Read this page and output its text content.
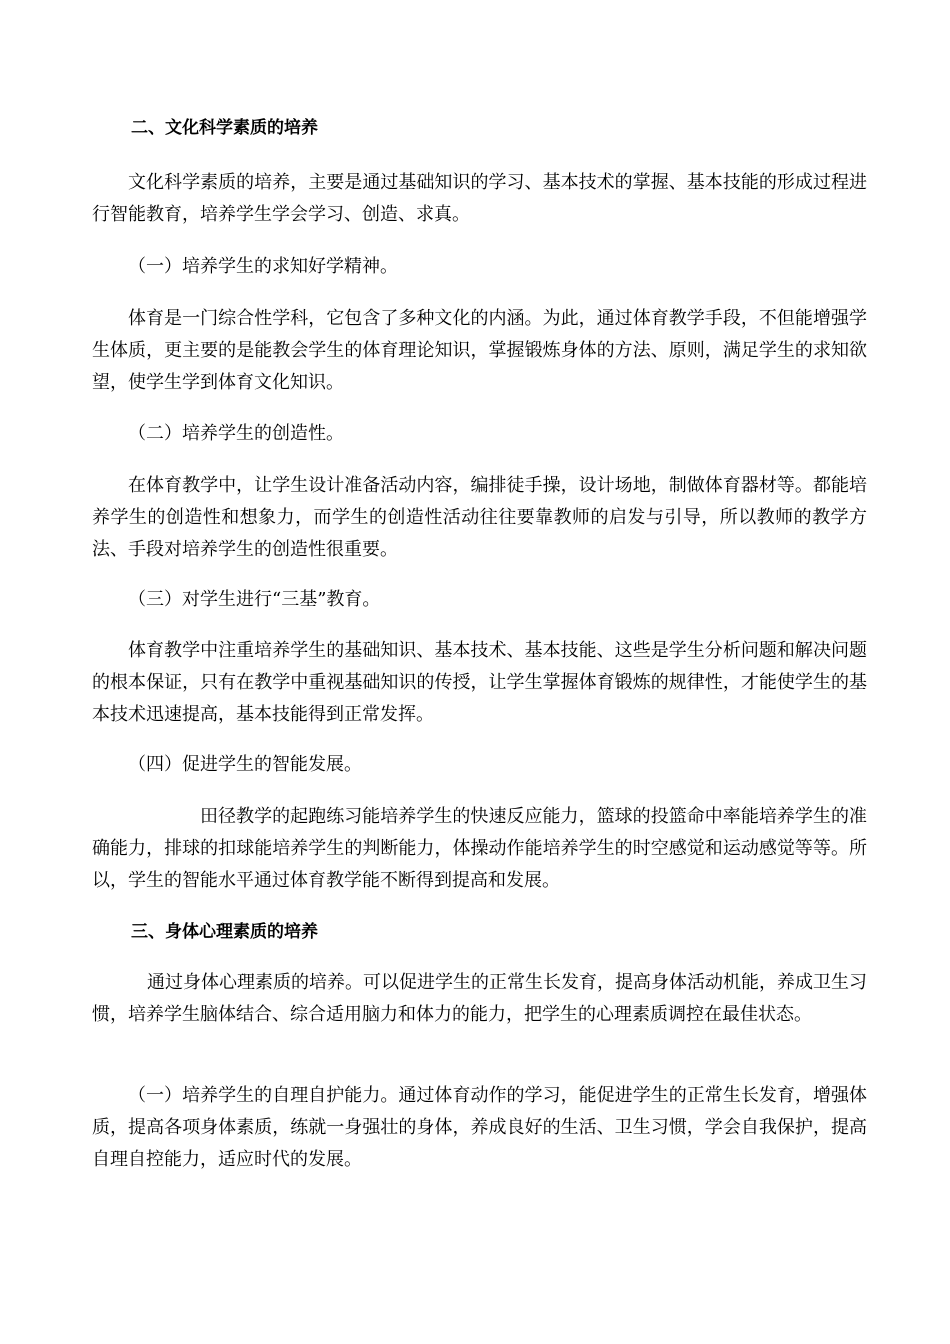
二、文化科学素质的培养

文化科学素质的培养，主要是通过基础知识的学习、基本技术的掌握、基本技能的形成过程进行智能教育，培养学生学会学习、创造、求真。

（一）培养学生的求知好学精神。

体育是一门综合性学科，它包含了多种文化的内涵。为此，通过体育教学手段，不但能增强学生体质，更主要的是能教会学生的体育理论知识，掌握锻炼身体的方法、原则，满足学生的求知欲望，使学生学到体育文化知识。

（二）培养学生的创造性。

在体育教学中，让学生设计准备活动内容，编排徒手操，设计场地，制做体育器材等。都能培养学生的创造性和想象力，而学生的创造性活动往往要靠教师的启发与引导，所以教师的教学方法、手段对培养学生的创造性很重要。

（三）对学生进行“三基”教育。

体育教学中注重培养学生的基础知识、基本技术、基本技能、这些是学生分析问题和解决问题的根本保证，只有在教学中重视基础知识的传授，让学生掌握体育锻炼的规律性，才能使学生的基本技术迅速提高，基本技能得到正常发挥。

（四）促进学生的智能发展。

田径教学的起跑练习能培养学生的快速反应能力，篮球的投篮命中率能培养学生的准确能力，排球的扣球能培养学生的判断能力，体操动作能培养学生的时空感觉和运动感觉等等。所以，学生的智能水平通过体育教学能不断得到提高和发展。

三、身体心理素质的培养

通过身体心理素质的培养。可以促进学生的正常生长发育，提高身体活动机能，养成卫生习惯，培养学生脑体结合、综合适用脑力和体力的能力，把学生的心理素质调控在最佳状态。

（一）培养学生的自理自护能力。通过体育动作的学习，能促进学生的正常生长发育，增强体质，提高各项身体素质，练就一身强壮的身体，养成良好的生活、卫生习惯，学会自我保护，提高自理自控能力，适应时代的发展。
